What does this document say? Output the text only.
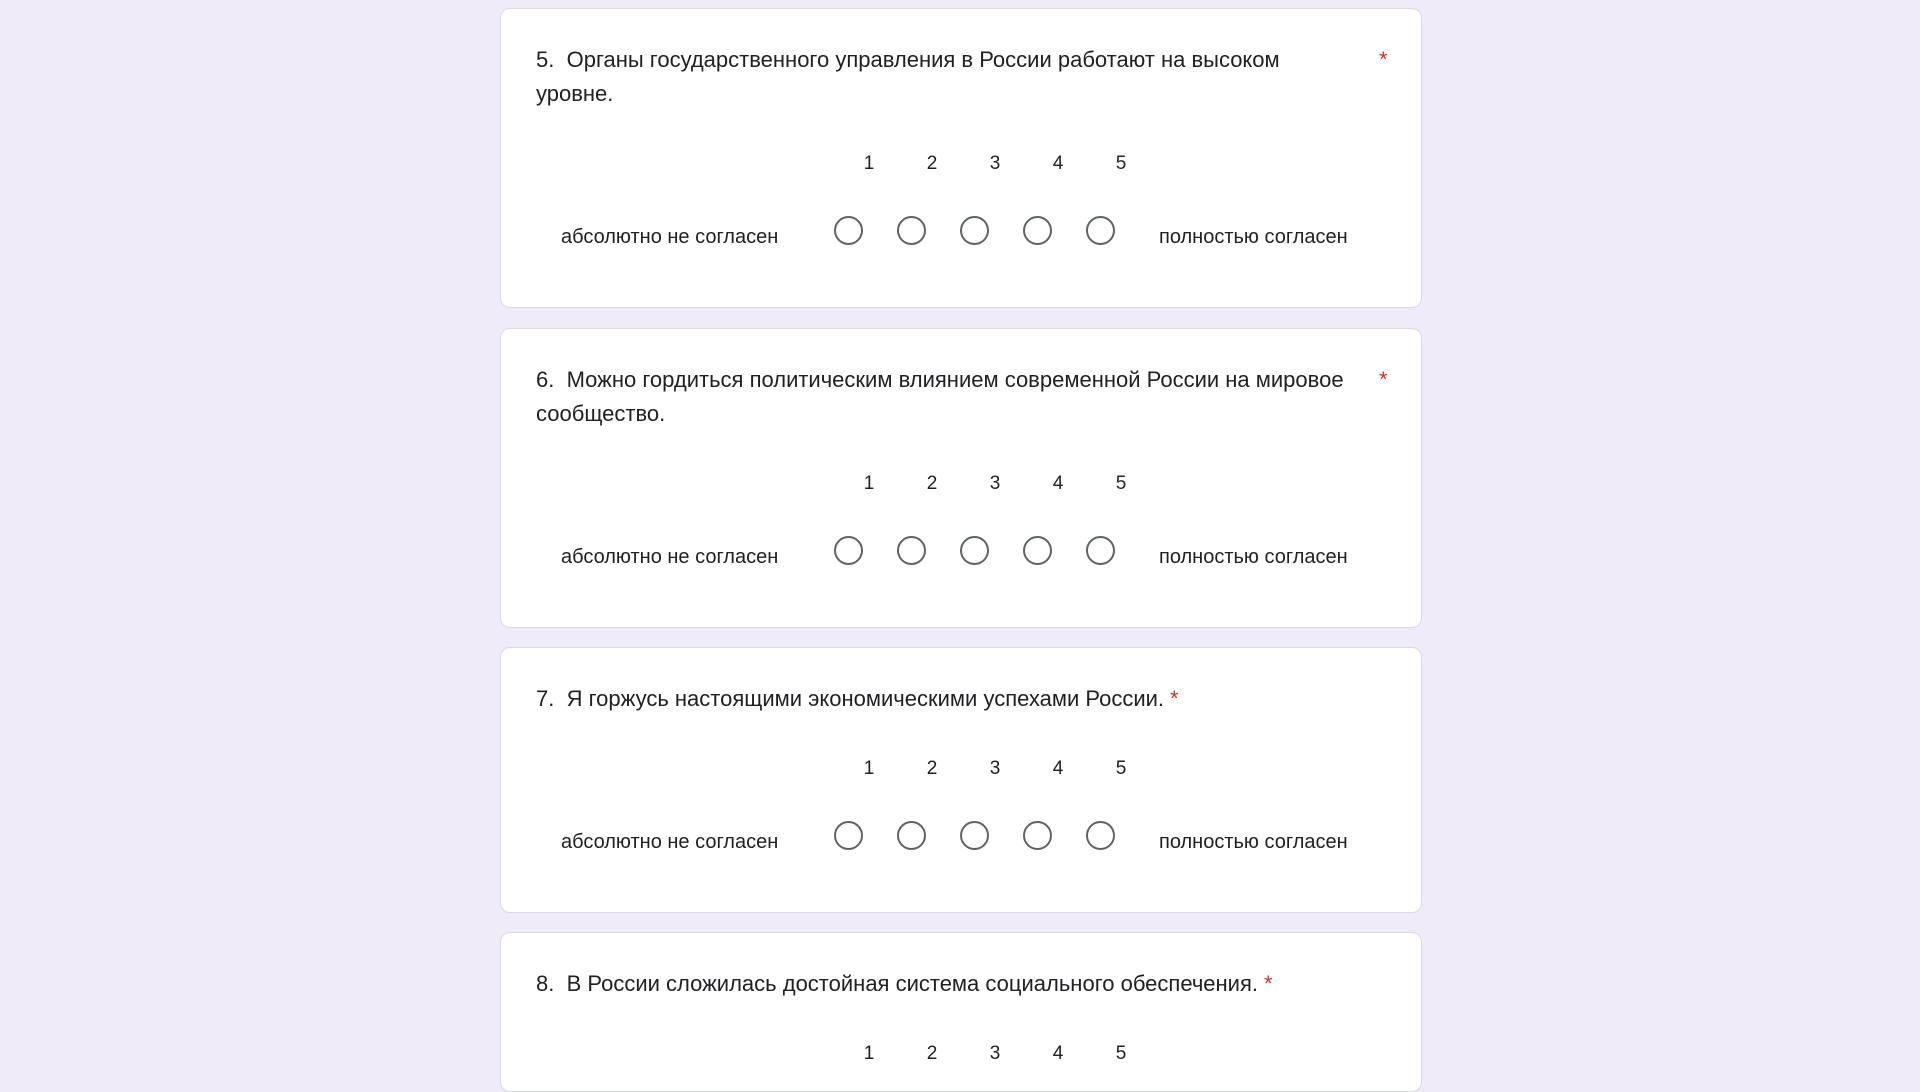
5. Органы государственного управления в России работают на высоком уровне.
*
1	2	3	4	5
абсолютно не согласен	полностью согласен
6. Можно гордиться политическим влиянием современной России на мировое сообщество.
*
1	2	3	4	5
абсолютно не согласен	полностью согласен
7. Я горжусь настоящими экономическими успехами России. *
1	2	3	4	5
абсолютно не согласен	полностью согласен
8. В России сложилась достойная система социального обеспечения. *
1	2	3	4	5
